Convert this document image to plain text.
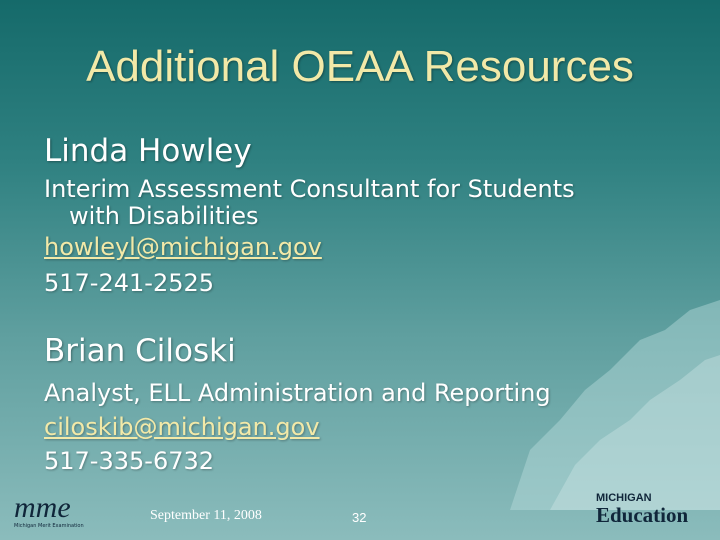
Additional OEAA Resources
Linda Howley
Interim Assessment Consultant for Students
with Disabilities
howleyl@michigan.gov
517-241-2525
Brian Ciloski
Analyst, ELL Administration and Reporting
ciloskib@michigan.gov
517-335-6732
mme
Michigan Merit Examination
September 11, 2008	32
MICHIGAN
Education
